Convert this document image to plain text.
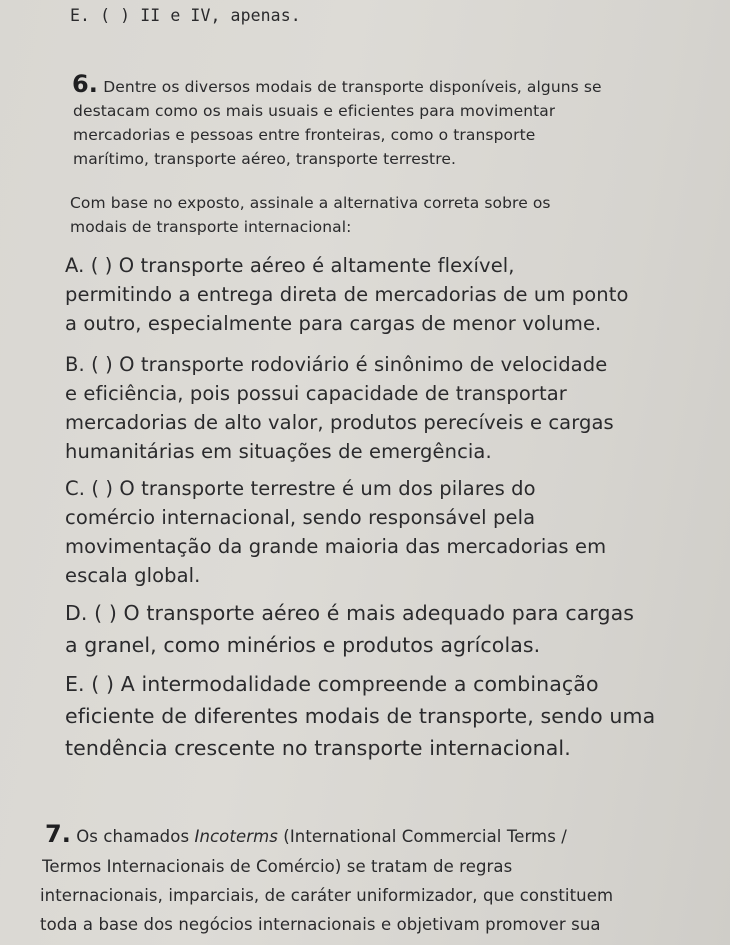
E. ( ) II e IV, apenas.
6. Dentre os diversos modais de transporte disponíveis, alguns se
destacam como os mais usuais e eficientes para movimentar
mercadorias e pessoas entre fronteiras, como o transporte
marítimo, transporte aéreo, transporte terrestre.
Com base no exposto, assinale a alternativa correta sobre os
modais de transporte internacional:
A. ( ) O transporte aéreo é altamente flexível,
permitindo a entrega direta de mercadorias de um ponto
a outro, especialmente para cargas de menor volume.
B. ( ) O transporte rodoviário é sinônimo de velocidade
e eficiência, pois possui capacidade de transportar
mercadorias de alto valor, produtos perecíveis e cargas
humanitárias em situações de emergência.
C. ( ) O transporte terrestre é um dos pilares do
comércio internacional, sendo responsável pela
movimentação da grande maioria das mercadorias em
escala global.
D. ( ) O transporte aéreo é mais adequado para cargas
a granel, como minérios e produtos agrícolas.
E. ( ) A intermodalidade compreende a combinação
eficiente de diferentes modais de transporte, sendo uma
tendência crescente no transporte internacional.
7. Os chamados Incoterms (International Commercial Terms /
Termos Internacionais de Comércio) se tratam de regras
internacionais, imparciais, de caráter uniformizador, que constituem
toda a base dos negócios internacionais e objetivam promover sua
